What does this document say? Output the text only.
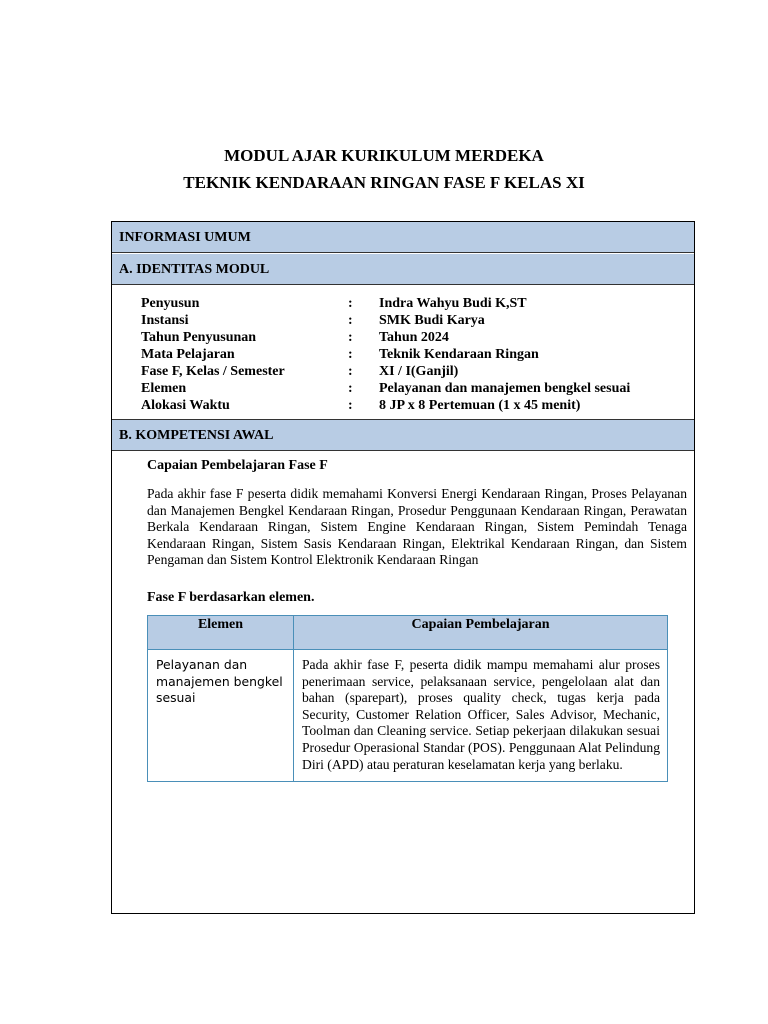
MODUL AJAR KURIKULUM MERDEKA
TEKNIK KENDARAAN RINGAN FASE F KELAS XI
INFORMASI UMUM
A. IDENTITAS MODUL
Penyusun	: Indra Wahyu Budi K,ST
Instansi	: SMK Budi Karya
Tahun Penyusunan	: Tahun 2024
Mata Pelajaran	: Teknik Kendaraan Ringan
Fase F, Kelas / Semester	: XI / I(Ganjil)
Elemen	: Pelayanan dan manajemen bengkel sesuai
Alokasi Waktu	: 8 JP x 8 Pertemuan (1 x 45 menit)
B. KOMPETENSI AWAL
Capaian Pembelajaran Fase F
Pada akhir fase F peserta didik memahami Konversi Energi Kendaraan Ringan, Proses Pelayanan dan Manajemen Bengkel Kendaraan Ringan, Prosedur Penggunaan Kendaraan Ringan, Perawatan Berkala Kendaraan Ringan, Sistem Engine Kendaraan Ringan, Sistem Pemindah Tenaga Kendaraan Ringan, Sistem Sasis Kendaraan Ringan, Elektrikal Kendaraan Ringan, dan Sistem Pengaman dan Sistem Kontrol Elektronik Kendaraan Ringan
Fase F berdasarkan elemen.
Elemen	Capaian Pembelajaran
Pelayanan dan manajemen bengkel sesuai	Pada akhir fase F, peserta didik mampu memahami alur proses penerimaan service, pelaksanaan service, pengelolaan alat dan bahan (sparepart), proses quality check, tugas kerja pada Security, Customer Relation Officer, Sales Advisor, Mechanic, Toolman dan Cleaning service. Setiap pekerjaan dilakukan sesuai Prosedur Operasional Standar (POS). Penggunaan Alat Pelindung Diri (APD) atau peraturan keselamatan kerja yang berlaku.
